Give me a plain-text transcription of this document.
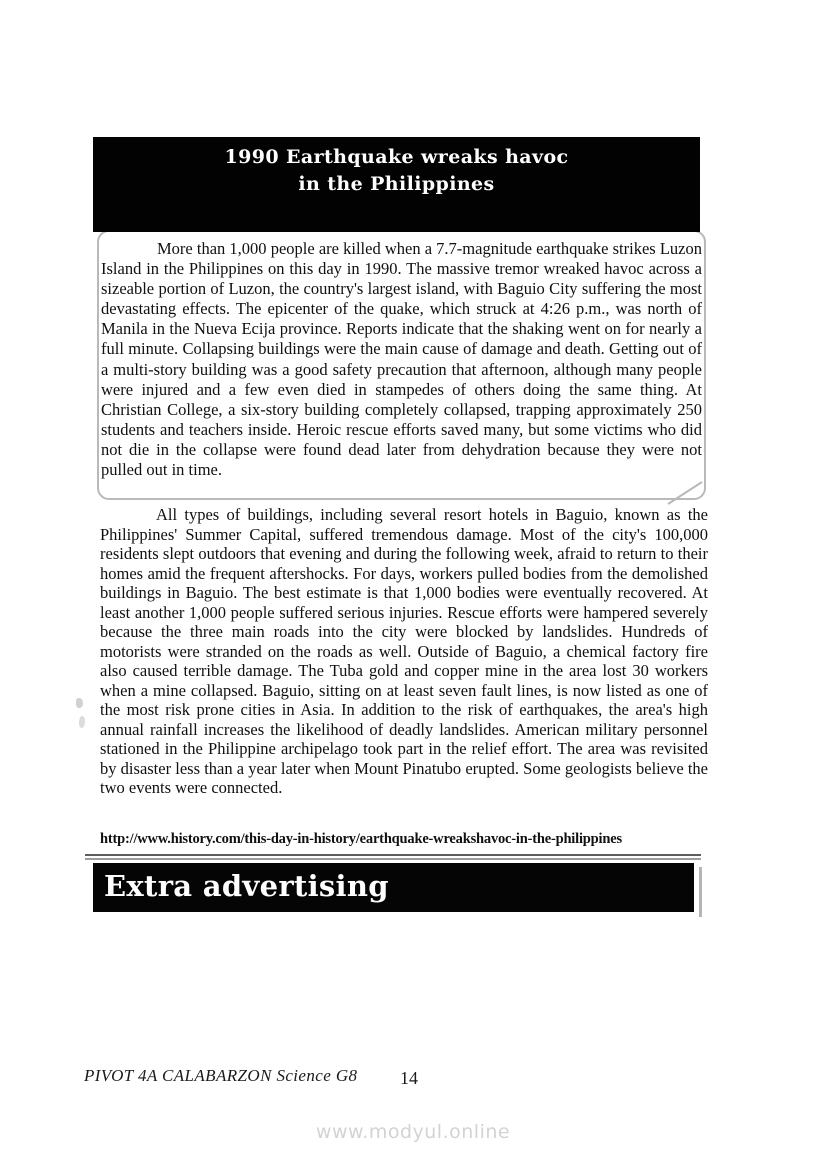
1990 Earthquake wreaks havoc
in the Philippines

More than 1,000 people are killed when a 7.7-magnitude earthquake strikes Luzon Island in the Philippines on this day in 1990. The massive tremor wreaked havoc across a sizeable portion of Luzon, the country's largest island, with Baguio City suffering the most devastating effects. The epicenter of the quake, which struck at 4:26 p.m., was north of Manila in the Nueva Ecija province. Reports indicate that the shaking went on for nearly a full minute. Collapsing buildings were the main cause of damage and death. Getting out of a multi-story building was a good safety precaution that afternoon, although many people were injured and a few even died in stampedes of others doing the same thing. At Christian College, a six-story building completely collapsed, trapping approximately 250 students and teachers inside. Heroic rescue efforts saved many, but some victims who did not die in the collapse were found dead later from dehydration because they were not pulled out in time.

All types of buildings, including several resort hotels in Baguio, known as the Philippines' Summer Capital, suffered tremendous damage. Most of the city's 100,000 residents slept outdoors that evening and during the following week, afraid to return to their homes amid the frequent aftershocks. For days, workers pulled bodies from the demolished buildings in Baguio. The best estimate is that 1,000 bodies were eventually recovered. At least another 1,000 people suffered serious injuries. Rescue efforts were hampered severely because the three main roads into the city were blocked by landslides. Hundreds of motorists were stranded on the roads as well. Outside of Baguio, a chemical factory fire also caused terrible damage. The Tuba gold and copper mine in the area lost 30 workers when a mine collapsed. Baguio, sitting on at least seven fault lines, is now listed as one of the most risk prone cities in Asia. In addition to the risk of earthquakes, the area's high annual rainfall increases the likelihood of deadly landslides. American military personnel stationed in the Philippine archipelago took part in the relief effort. The area was revisited by disaster less than a year later when Mount Pinatubo erupted. Some geologists believe the two events were connected.

http://www.history.com/this-day-in-history/earthquake-wreakshavoc-in-the-philippines
Extra advertising
PIVOT 4A CALABARZON Science G8 14
www.modyul.online
